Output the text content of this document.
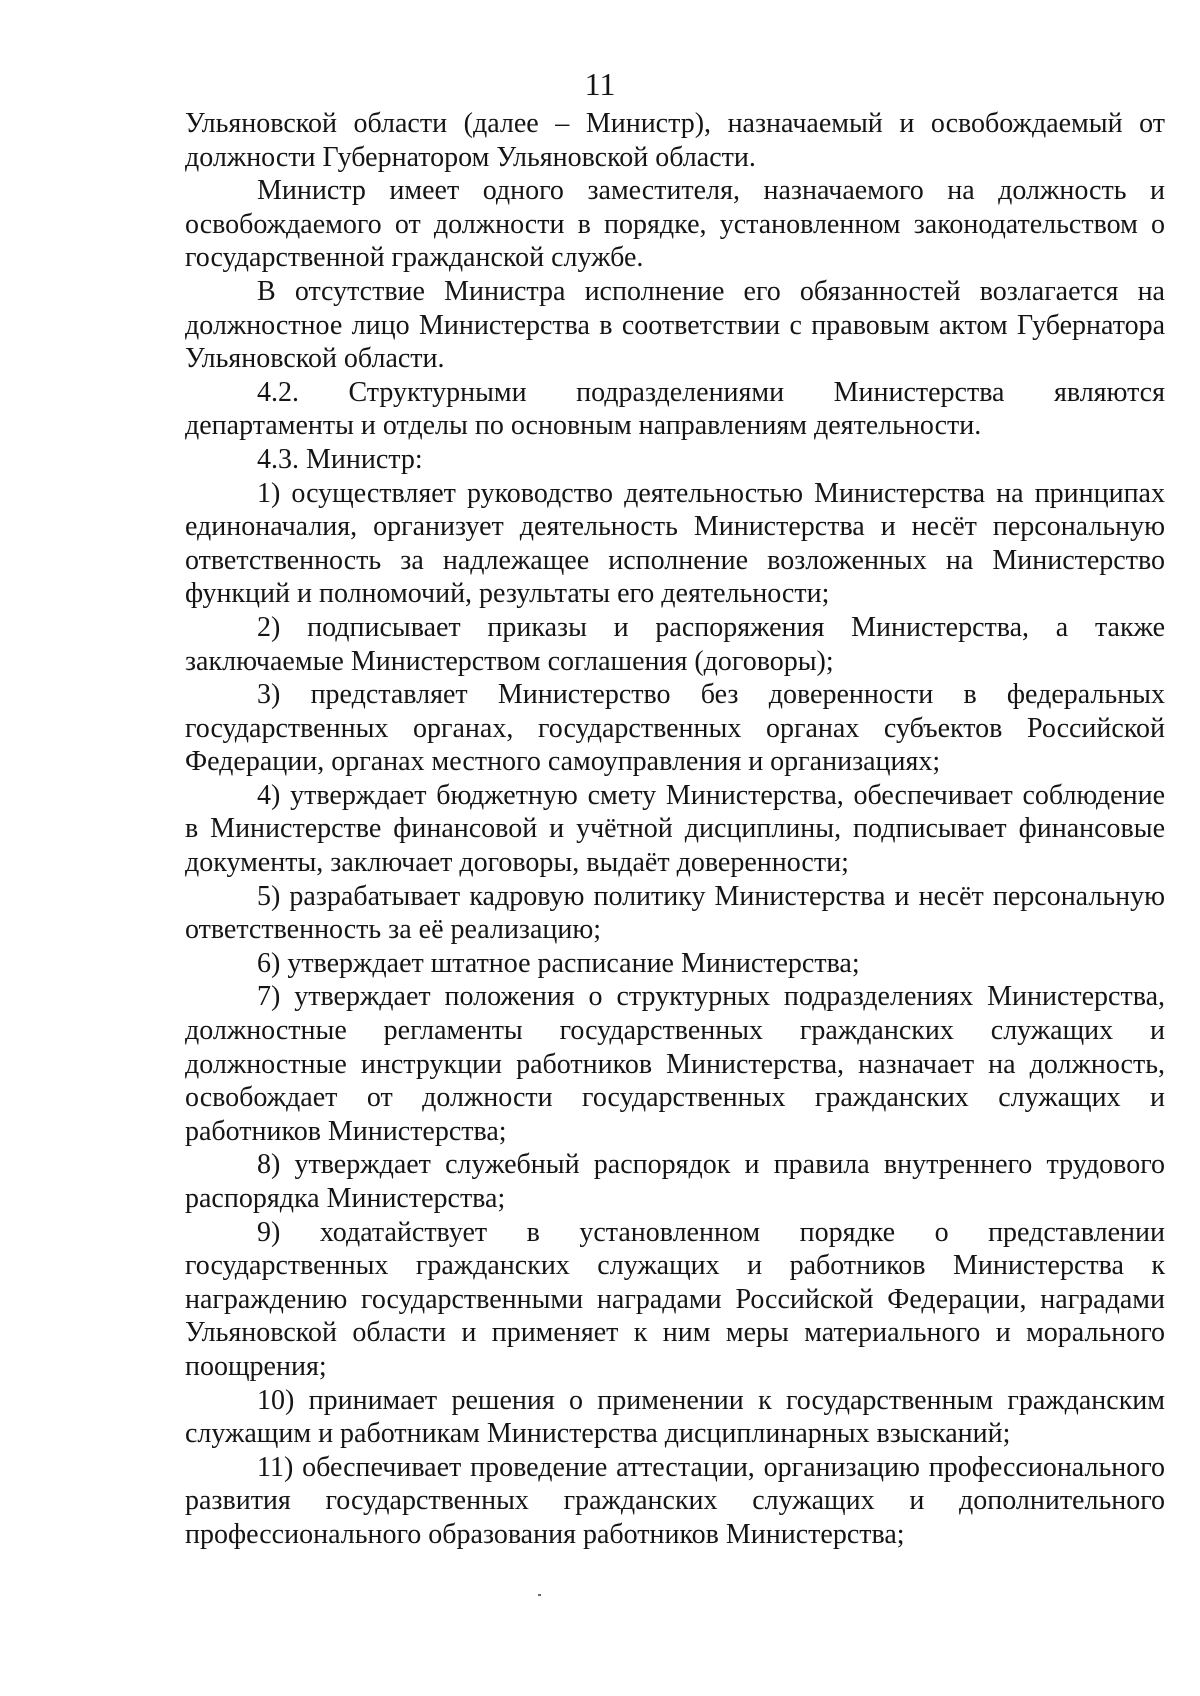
11

Ульяновской области (далее – Министр), назначаемый и освобождаемый от должности Губернатором Ульяновской области.

Министр имеет одного заместителя, назначаемого на должность и освобождаемого от должности в порядке, установленном законодательством о государственной гражданской службе.

В отсутствие Министра исполнение его обязанностей возлагается на должностное лицо Министерства в соответствии с правовым актом Губернатора Ульяновской области.

4.2. Структурными подразделениями Министерства являются департаменты и отделы по основным направлениям деятельности.

4.3. Министр:

1) осуществляет руководство деятельностью Министерства на принципах единоначалия, организует деятельность Министерства и несёт персональную ответственность за надлежащее исполнение возложенных на Министерство функций и полномочий, результаты его деятельности;

2) подписывает приказы и распоряжения Министерства, а также заключаемые Министерством соглашения (договоры);

3) представляет Министерство без доверенности в федеральных государственных органах, государственных органах субъектов Российской Федерации, органах местного самоуправления и организациях;

4) утверждает бюджетную смету Министерства, обеспечивает соблюдение в Министерстве финансовой и учётной дисциплины, подписывает финансовые документы, заключает договоры, выдаёт доверенности;

5) разрабатывает кадровую политику Министерства и несёт персональную ответственность за её реализацию;

6) утверждает штатное расписание Министерства;

7) утверждает положения о структурных подразделениях Министерства, должностные регламенты государственных гражданских служащих и должностные инструкции работников Министерства, назначает на должность, освобождает от должности государственных гражданских служащих и работников Министерства;

8) утверждает служебный распорядок и правила внутреннего трудового распорядка Министерства;

9) ходатайствует в установленном порядке о представлении государственных гражданских служащих и работников Министерства к награждению государственными наградами Российской Федерации, наградами Ульяновской области и применяет к ним меры материального и морального поощрения;

10) принимает решения о применении к государственным гражданским служащим и работникам Министерства дисциплинарных взысканий;

11) обеспечивает проведение аттестации, организацию профессионального развития государственных гражданских служащих и дополнительного профессионального образования работников Министерства;
